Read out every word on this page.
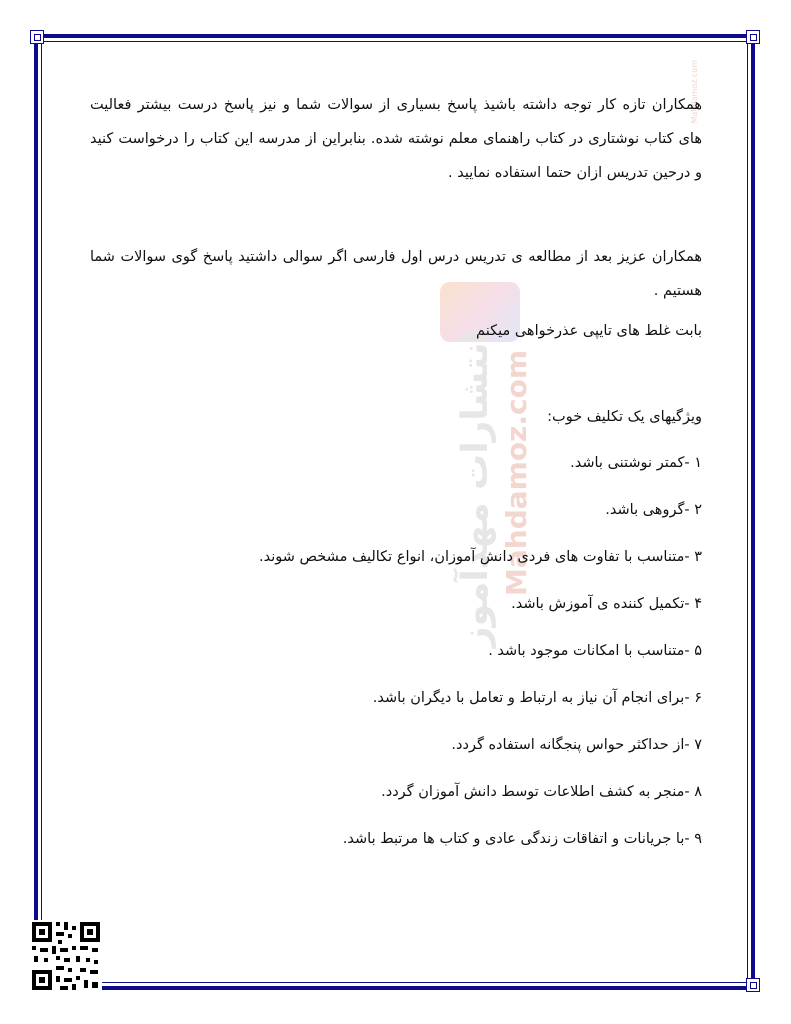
انتشارات مهدآموز Mahdamoz.com
Mahdamoz.com

همکاران تازه کار توجه داشته باشیذ پاسخ بسیاری از سوالات شما و نیز پاسخ درست بیشتر فعالیت های کتاب نوشتاری در کتاب راهنمای معلم نوشته شده. بنابراین از مدرسه این کتاب را درخواست کنید و درحین تدریس ازان حتما استفاده نمایید .

همکاران عزیز بعد از مطالعه ی تدریس درس اول فارسی اگر سوالی داشتید پاسخ گوی سوالات شما هستیم .

بابت غلط های تایپی عذرخواهی میکنم

ویژگیهای یک تکلیف خوب:

۱ -کمتر نوشتنی باشد.

۲ -گروهی باشد.

۳ -متناسب با تفاوت های فردی دانش آموزان، انواع تکالیف مشخص شوند.

۴ -تکمیل کننده ی آموزش باشد.

۵ -متناسب با امکانات موجود باشد .

۶ -برای انجام آن نیاز به ارتباط و تعامل با دیگران باشد.

۷ -از حداکثر حواس پنجگانه استفاده گردد.

۸ -منجر به کشف اطلاعات توسط دانش آموزان گردد.

۹ -با جریانات و اتفاقات زندگی عادی و کتاب ها مرتبط باشد.
